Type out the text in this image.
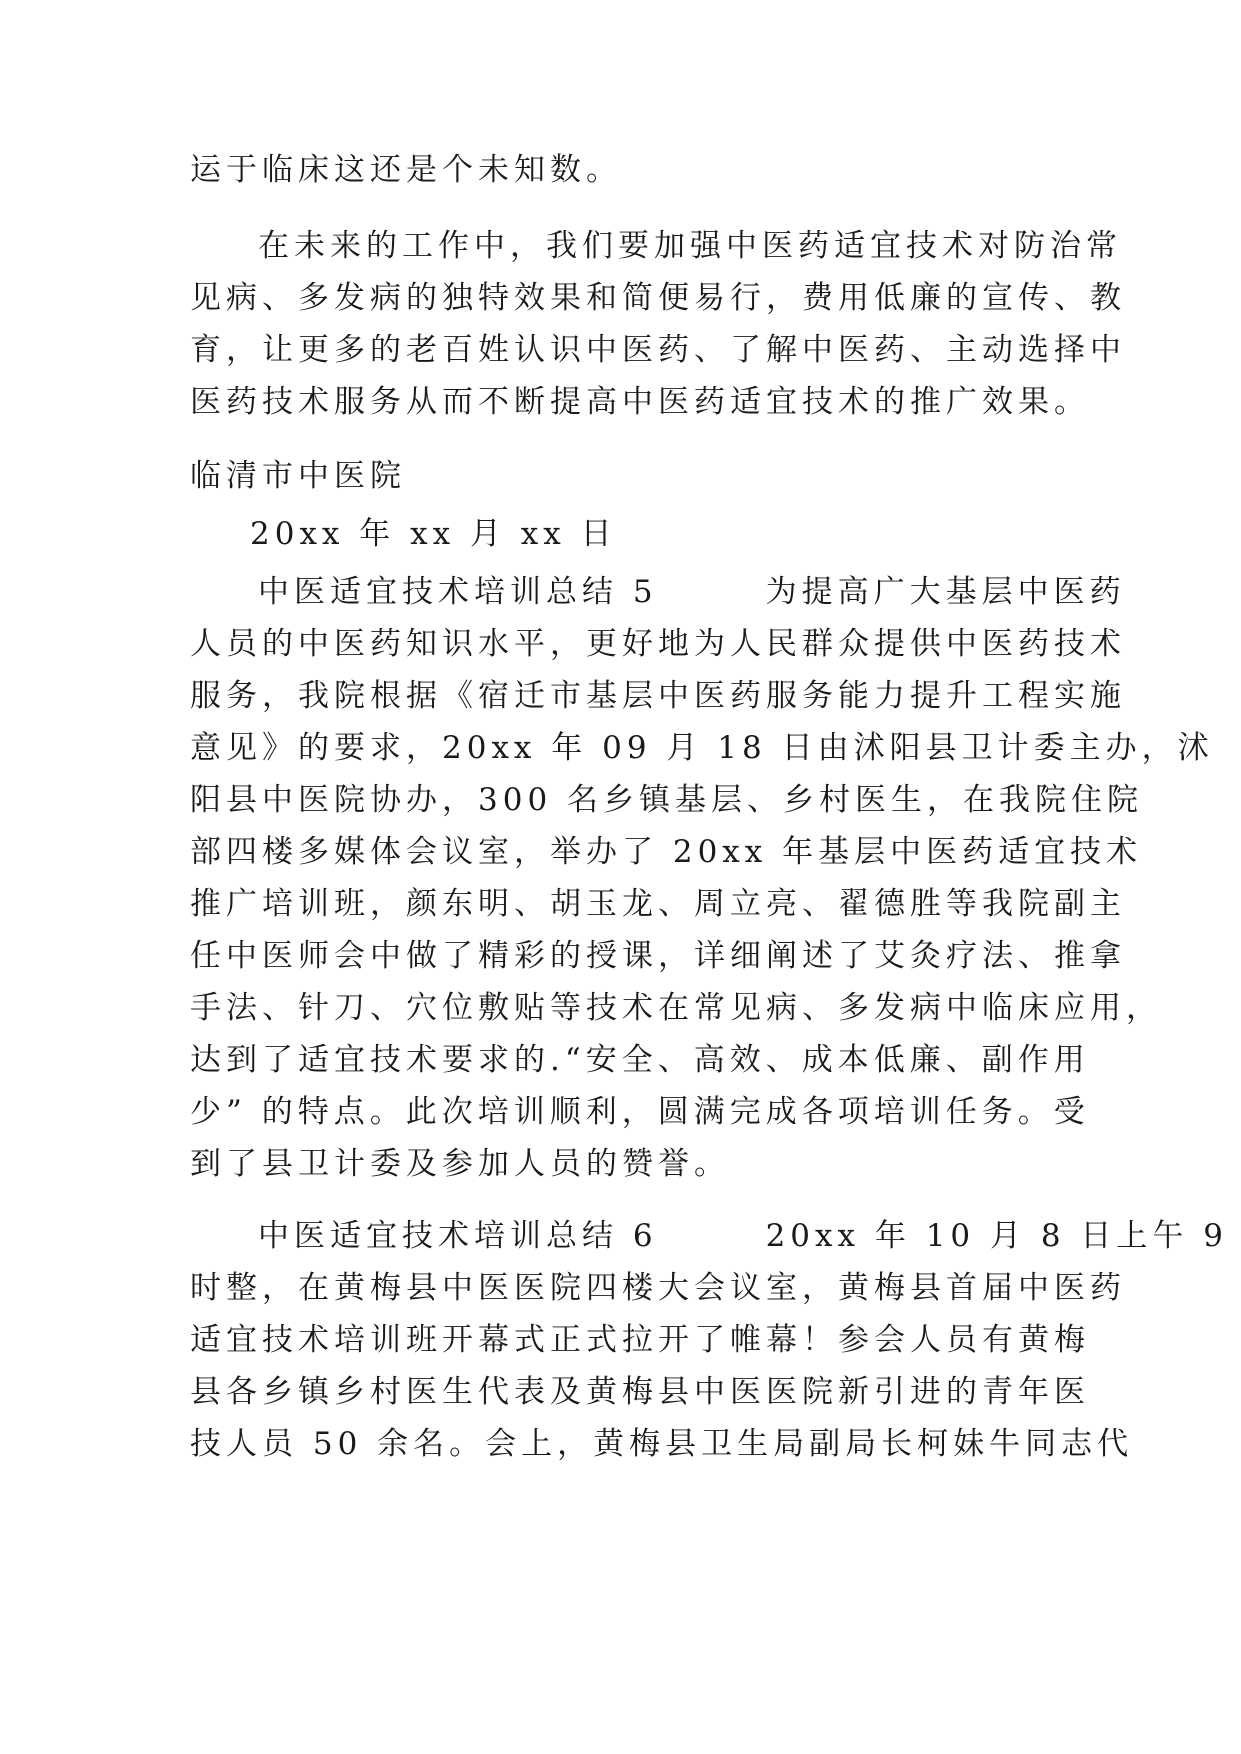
运于临床这还是个未知数。
在未来的工作中，我们要加强中医药适宜技术对防治常
见病、多发病的独特效果和简便易行，费用低廉的宣传、教
育，让更多的老百姓认识中医药、了解中医药、主动选择中
医药技术服务从而不断提高中医药适宜技术的推广效果。
临清市中医院
20xx 年 xx 月 xx 日
中医适宜技术培训总结 5　　　为提高广大基层中医药
人员的中医药知识水平，更好地为人民群众提供中医药技术
服务，我院根据《宿迁市基层中医药服务能力提升工程实施
意见》的要求，20xx 年 09 月 18 日由沭阳县卫计委主办，沭
阳县中医院协办，300 名乡镇基层、乡村医生，在我院住院
部四楼多媒体会议室，举办了 20xx 年基层中医药适宜技术
推广培训班，颜东明、胡玉龙、周立亮、翟德胜等我院副主
任中医师会中做了精彩的授课，详细阐述了艾灸疗法、推拿
手法、针刀、穴位敷贴等技术在常见病、多发病中临床应用，
达到了适宜技术要求的.“安全、高效、成本低廉、副作用
少” 的特点。此次培训顺利，圆满完成各项培训任务。受
到了县卫计委及参加人员的赞誉。
中医适宜技术培训总结 6　　　20xx 年 10 月 8 日上午 9
时整，在黄梅县中医医院四楼大会议室，黄梅县首届中医药
适宜技术培训班开幕式正式拉开了帷幕！参会人员有黄梅
县各乡镇乡村医生代表及黄梅县中医医院新引进的青年医
技人员 50 余名。会上，黄梅县卫生局副局长柯妹牛同志代
